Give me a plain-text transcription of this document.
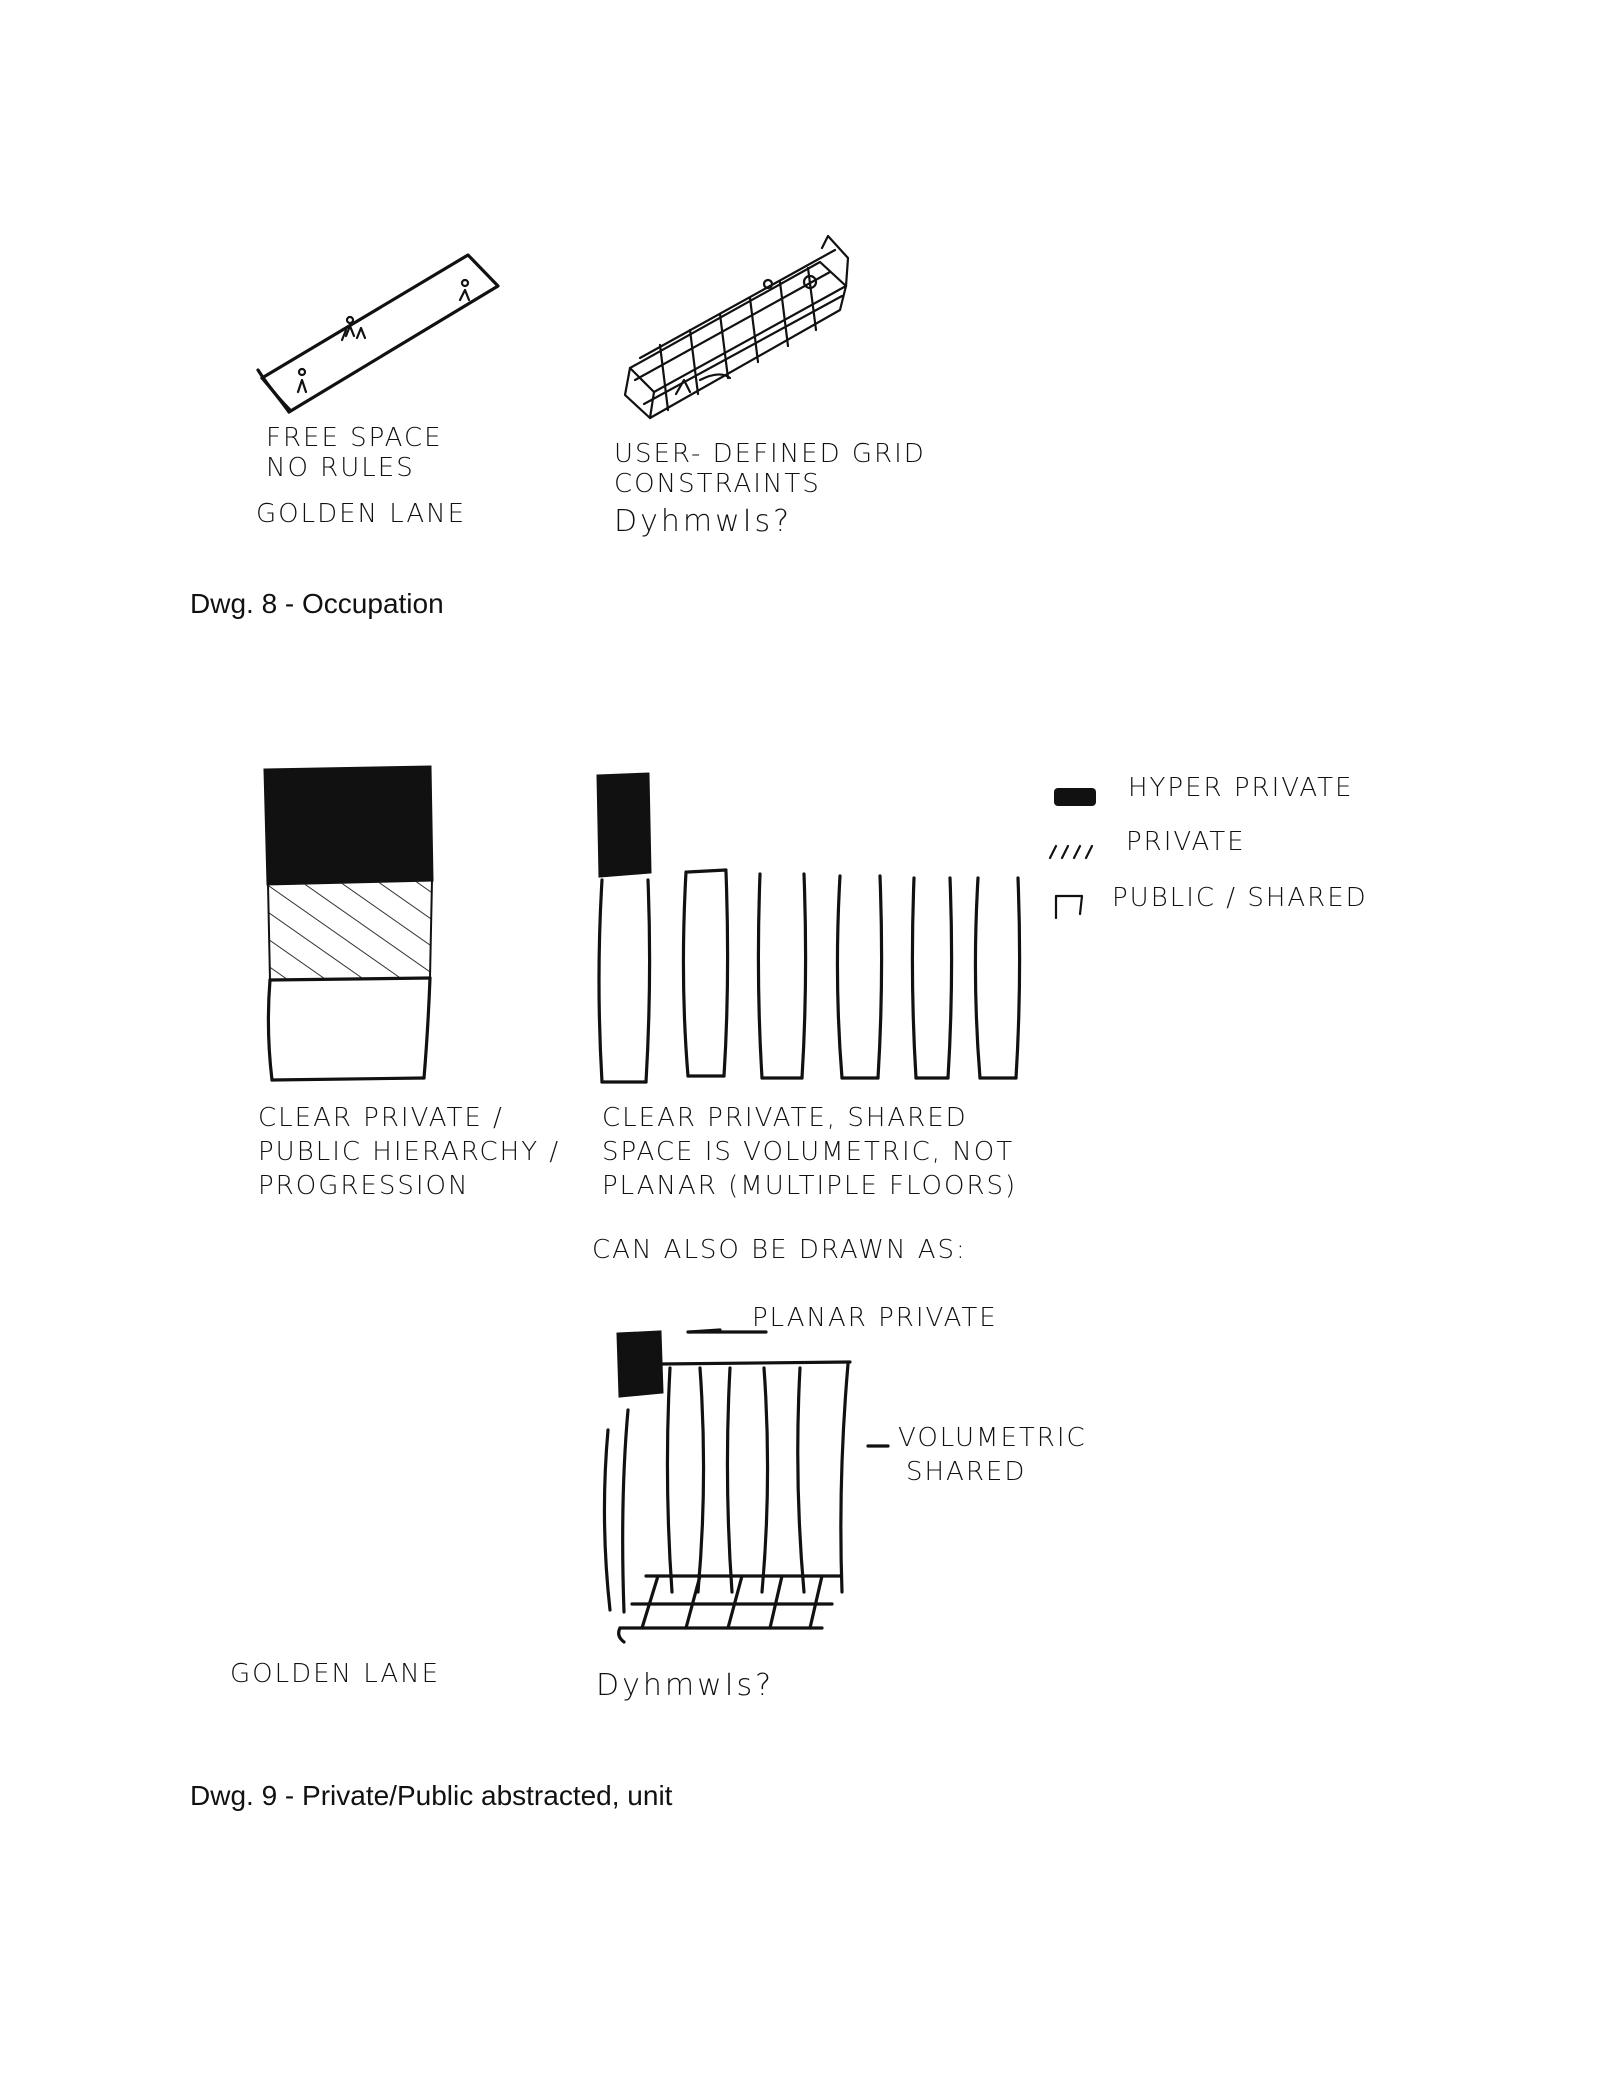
FREE SPACE

NO RULES

GOLDEN LANE

USER- DEFINED GRID

CONSTRAINTS

DyhmwIs?

Dwg. 8 - Occupation

HYPER PRIVATE

PRIVATE

PUBLIC / SHARED

CLEAR PRIVATE /

PUBLIC HIERARCHY /

PROGRESSION

CLEAR PRIVATE, SHARED

SPACE IS VOLUMETRIC, NOT

PLANAR (MULTIPLE FLOORS)

CAN ALSO BE DRAWN AS:

PLANAR PRIVATE

VOLUMETRIC

SHARED

GOLDEN LANE	DyhmwIs?

Dwg. 9 - Private/Public abstracted, unit
